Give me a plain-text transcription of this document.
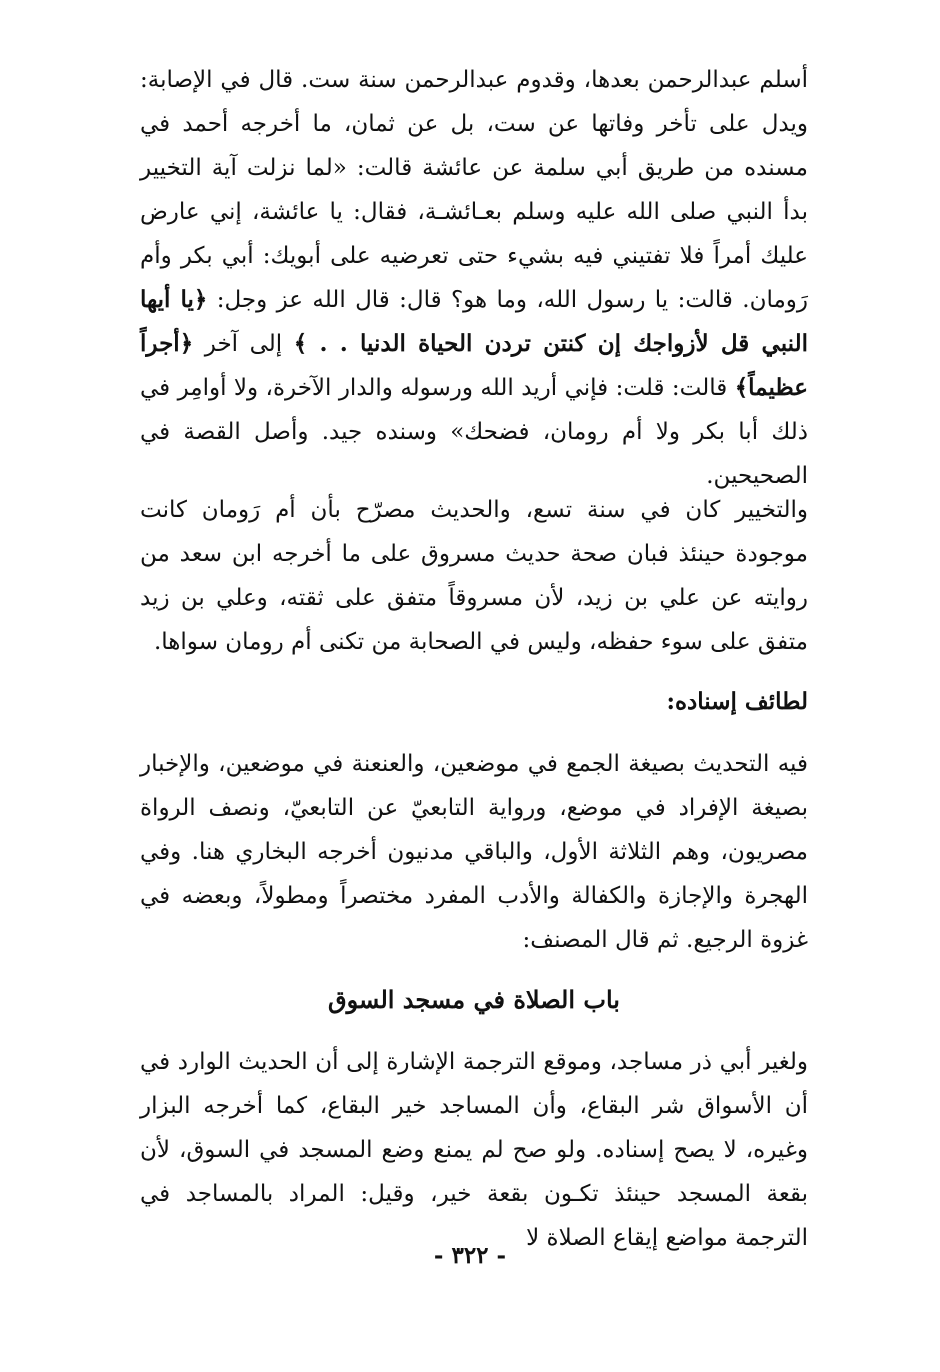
أسلم عبدالرحمن بعدها، وقدوم عبدالرحمن سنة ست. قال في الإصابة: ويدل على تأخر وفاتها عن ست، بل عن ثمان، ما أخرجه أحمد في مسنده من طريق أبي سلمة عن عائشة قالت: «لما نزلت آية التخيير بدأ النبي صلى الله عليه وسلم بعـائشـة، فقال: يا عائشة، إني عارض عليك أمراً فلا تفتيني فيه بشيء حتى تعرضيه على أبويك: أبي بكر وأم رَومان. قالت: يا رسول الله، وما هو؟ قال: قال الله عز وجل: ﴿يا أيها النبي قل لأزواجك إن كنتن تردن الحياة الدنيا . . ﴾ إلى آخر ﴿أجراً عظيماً﴾ قالت: قلت: فإني أريد الله ورسوله والدار الآخرة، ولا أوامِر في ذلك أبا بكر ولا أم رومان، فضحك» وسنده جيد. وأصل القصة في الصحيحين.

والتخيير كان في سنة تسع، والحديث مصرّح بأن أم رَومان كانت موجودة حينئذ فبان صحة حديث مسروق على ما أخرجه ابن سعد من روايته عن علي بن زيد، لأن مسروقاً متفق على ثقته، وعلي بن زيد متفق على سوء حفظه، وليس في الصحابة من تكنى أم رومان سواها.

لطائف إسناده:

فيه التحديث بصيغة الجمع في موضعين، والعنعنة في موضعين، والإخبار بصيغة الإفراد في موضع، ورواية التابعيّ عن التابعيّ، ونصف الرواة مصريون، وهم الثلاثة الأول، والباقي مدنيون أخرجه البخاري هنا. وفي الهجرة والإجازة والكفالة والأدب المفرد مختصراً ومطولاً، وبعضه في غزوة الرجيع. ثم قال المصنف:

باب الصلاة في مسجد السوق

ولغير أبي ذر مساجد، وموقع الترجمة الإشارة إلى أن الحديث الوارد في أن الأسواق شر البقاع، وأن المساجد خير البقاع، كما أخرجه البزار وغيره، لا يصح إسناده. ولو صح لم يمنع وضع المسجد في السوق، لأن بقعة المسجد حينئذ تكـون بقعة خير، وقيل: المراد بالمساجد في الترجمة مواضع إيقاع الصلاة لا

- ٣٢٢ -
